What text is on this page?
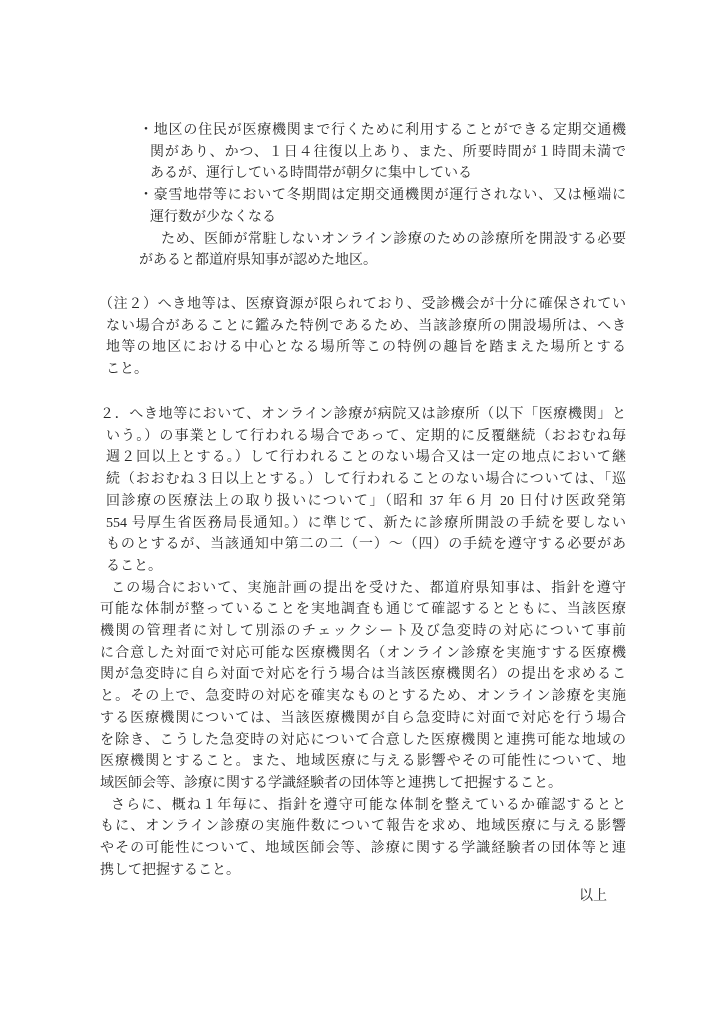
・地区の住民が医療機関まで行くために利用することができる定期交通機
関があり、かつ、１日４往復以上あり、また、所要時間が１時間未満で
あるが、運行している時間帯が朝夕に集中している
・豪雪地帯等において冬期間は定期交通機関が運行されない、又は極端に
運行数が少なくなる
ため、医師が常駐しないオンライン診療のための診療所を開設する必要
があると都道府県知事が認めた地区。
（注２）へき地等は、医療資源が限られており、受診機会が十分に確保されてい
ない場合があることに鑑みた特例であるため、当該診療所の開設場所は、へき
地等の地区における中心となる場所等この特例の趣旨を踏まえた場所とする
こと。
２．へき地等において、オンライン診療が病院又は診療所（以下「医療機関」と
いう。）の事業として行われる場合であって、定期的に反覆継続（おおむね毎
週２回以上とする。）して行われることのない場合又は一定の地点において継
続（おおむね３日以上とする。）して行われることのない場合については、「巡
回診療の医療法上の取り扱いについて」（昭和 37 年６月 20 日付け医政発第
554 号厚生省医務局長通知。）に準じて、新たに診療所開設の手続を要しない
ものとするが、当該通知中第二の二（一）～（四）の手続を遵守する必要があ
ること。
この場合において、実施計画の提出を受けた、都道府県知事は、指針を遵守
可能な体制が整っていることを実地調査も通じて確認するとともに、当該医療
機関の管理者に対して別添のチェックシート及び急変時の対応について事前
に合意した対面で対応可能な医療機関名（オンライン診療を実施すする医療機
関が急変時に自ら対面で対応を行う場合は当該医療機関名）の提出を求めるこ
と。その上で、急変時の対応を確実なものとするため、オンライン診療を実施
する医療機関については、当該医療機関が自ら急変時に対面で対応を行う場合
を除き、こうした急変時の対応について合意した医療機関と連携可能な地域の
医療機関とすること。また、地域医療に与える影響やその可能性について、地
域医師会等、診療に関する学識経験者の団体等と連携して把握すること。
さらに、概ね１年毎に、指針を遵守可能な体制を整えているか確認するとと
もに、オンライン診療の実施件数について報告を求め、地域医療に与える影響
やその可能性について、地域医師会等、診療に関する学識経験者の団体等と連
携して把握すること。
以上
